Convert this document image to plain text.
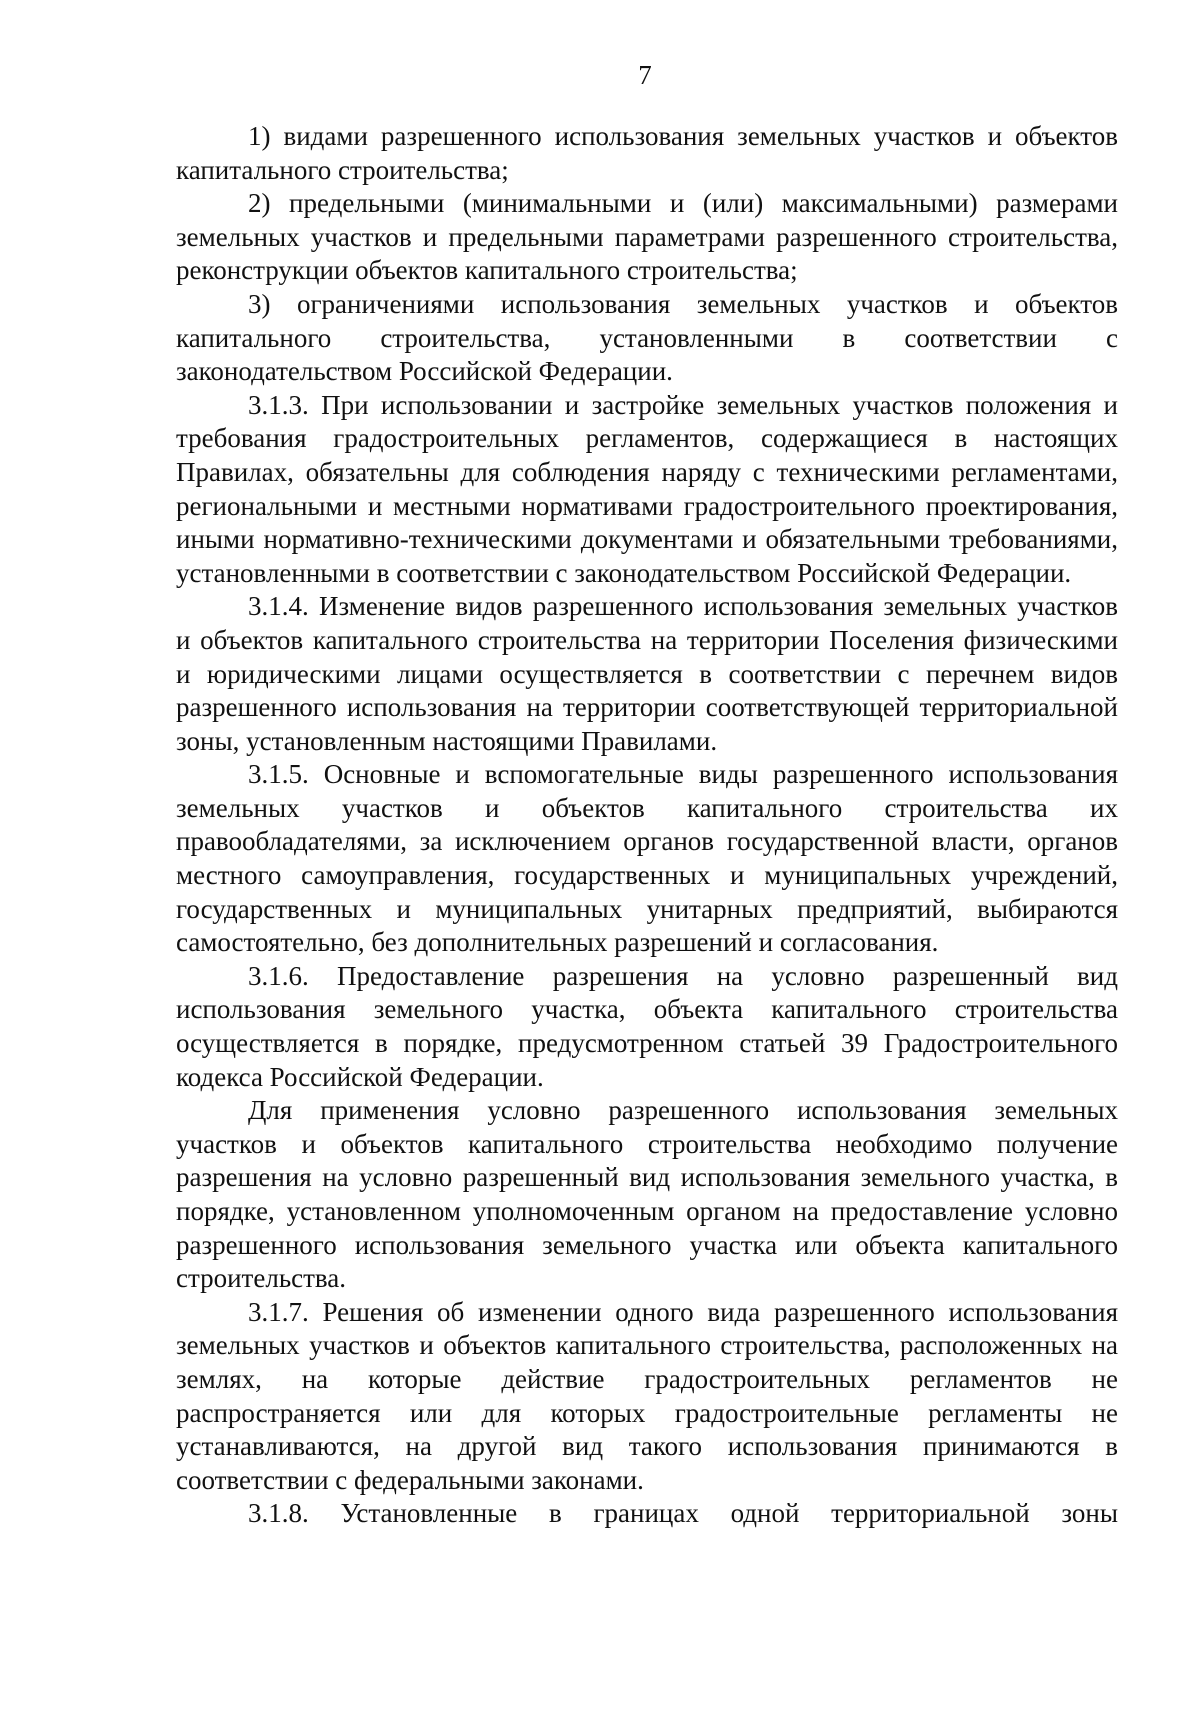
7

1) видами разрешенного использования земельных участков и объектов капитального строительства;

2) предельными (минимальными и (или) максимальными) размерами земельных участков и предельными параметрами разрешенного строительства, реконструкции объектов капитального строительства;

3) ограничениями использования земельных участков и объектов капитального строительства, установленными в соответствии с законодательством Российской Федерации.

3.1.3. При использовании и застройке земельных участков положения и требования градостроительных регламентов, содержащиеся в настоящих Правилах, обязательны для соблюдения наряду с техническими регламентами, региональными и местными нормативами градостроительного проектирования, иными нормативно-техническими документами и обязательными требованиями, установленными в соответствии с законодательством Российской Федерации.

3.1.4. Изменение видов разрешенного использования земельных участков и объектов капитального строительства на территории Поселения физическими и юридическими лицами осуществляется в соответствии с перечнем видов разрешенного использования на территории соответствующей территориальной зоны, установленным настоящими Правилами.

3.1.5. Основные и вспомогательные виды разрешенного использования земельных участков и объектов капитального строительства их правообладателями, за исключением органов государственной власти, органов местного самоуправления, государственных и муниципальных учреждений, государственных и муниципальных унитарных предприятий, выбираются самостоятельно, без дополнительных разрешений и согласования.

3.1.6. Предоставление разрешения на условно разрешенный вид использования земельного участка, объекта капитального строительства осуществляется в порядке, предусмотренном статьей 39 Градостроительного кодекса Российской Федерации.

Для применения условно разрешенного использования земельных участков и объектов капитального строительства необходимо получение разрешения на условно разрешенный вид использования земельного участка, в порядке, установленном уполномоченным органом на предоставление условно разрешенного использования земельного участка или объекта капитального строительства.

3.1.7. Решения об изменении одного вида разрешенного использования земельных участков и объектов капитального строительства, расположенных на землях, на которые действие градостроительных регламентов не распространяется или для которых градостроительные регламенты не устанавливаются, на другой вид такого использования принимаются в соответствии с федеральными законами.

3.1.8. Установленные в границах одной территориальной зоны
